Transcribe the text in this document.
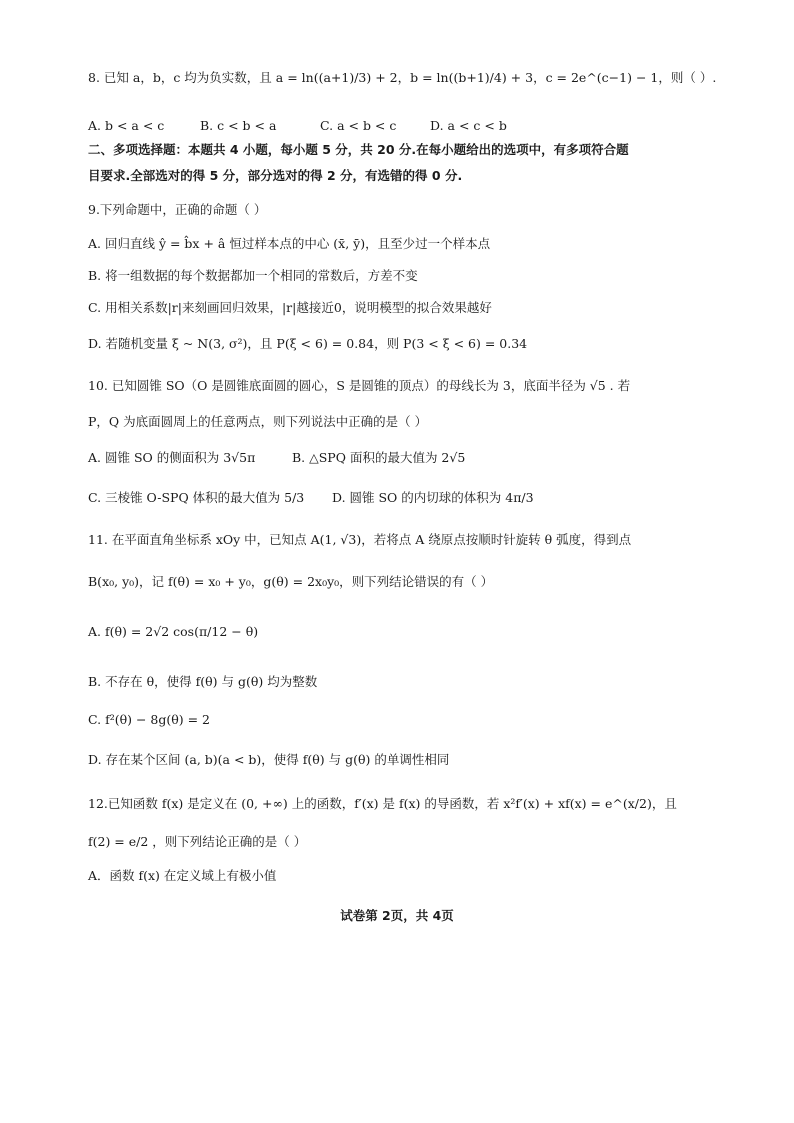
8. 已知 a，b，c 均为负实数，且 a = ln((a+1)/3) + 2，b = ln((b+1)/4) + 3，c = 2e^(c−1) − 1，则（ ）.
A. b < a < c	B. c < b < a	C. a < b < c	D. a < c < b
二、多项选择题：本题共 4 小题，每小题 5 分，共 20 分.在每小题给出的选项中，有多项符合题
目要求.全部选对的得 5 分，部分选对的得 2 分，有选错的得 0 分.
9.下列命题中，正确的命题（ ）
A. 回归直线 ŷ = b̂x + â 恒过样本点的中心 (x̄, ȳ)，且至少过一个样本点
B. 将一组数据的每个数据都加一个相同的常数后，方差不变
C. 用相关系数|r|来刻画回归效果，|r|越接近0，说明模型的拟合效果越好
D. 若随机变量 ξ ~ N(3, σ²)，且 P(ξ < 6) = 0.84，则 P(3 < ξ < 6) = 0.34
10. 已知圆锥 SO（O 是圆锥底面圆的圆心，S 是圆锥的顶点）的母线长为 3，底面半径为 √5 . 若
P，Q 为底面圆周上的任意两点，则下列说法中正确的是（ ）
A. 圆锥 SO 的侧面积为 3√5π	B. △SPQ 面积的最大值为 2√5
C. 三棱锥 O-SPQ 体积的最大值为 5/3 D. 圆锥 SO 的内切球的体积为 4π/3
11. 在平面直角坐标系 xOy 中，已知点 A(1, √3)，若将点 A 绕原点按顺时针旋转 θ 弧度，得到点
B(x₀, y₀)，记 f(θ) = x₀ + y₀，g(θ) = 2x₀y₀，则下列结论错误的有（ ）
A. f(θ) = 2√2 cos(π/12 − θ)
B. 不存在 θ，使得 f(θ) 与 g(θ) 均为整数
C. f²(θ) − 8g(θ) = 2
D. 存在某个区间 (a, b)(a < b)，使得 f(θ) 与 g(θ) 的单调性相同
12.已知函数 f(x) 是定义在 (0, +∞) 上的函数，f′(x) 是 f(x) 的导函数，若 x²f′(x) + xf(x) = e^(x/2)，且
f(2) = e/2 ，则下列结论正确的是（ ）
A．函数 f(x) 在定义域上有极小值
试卷第 2页，共 4页
